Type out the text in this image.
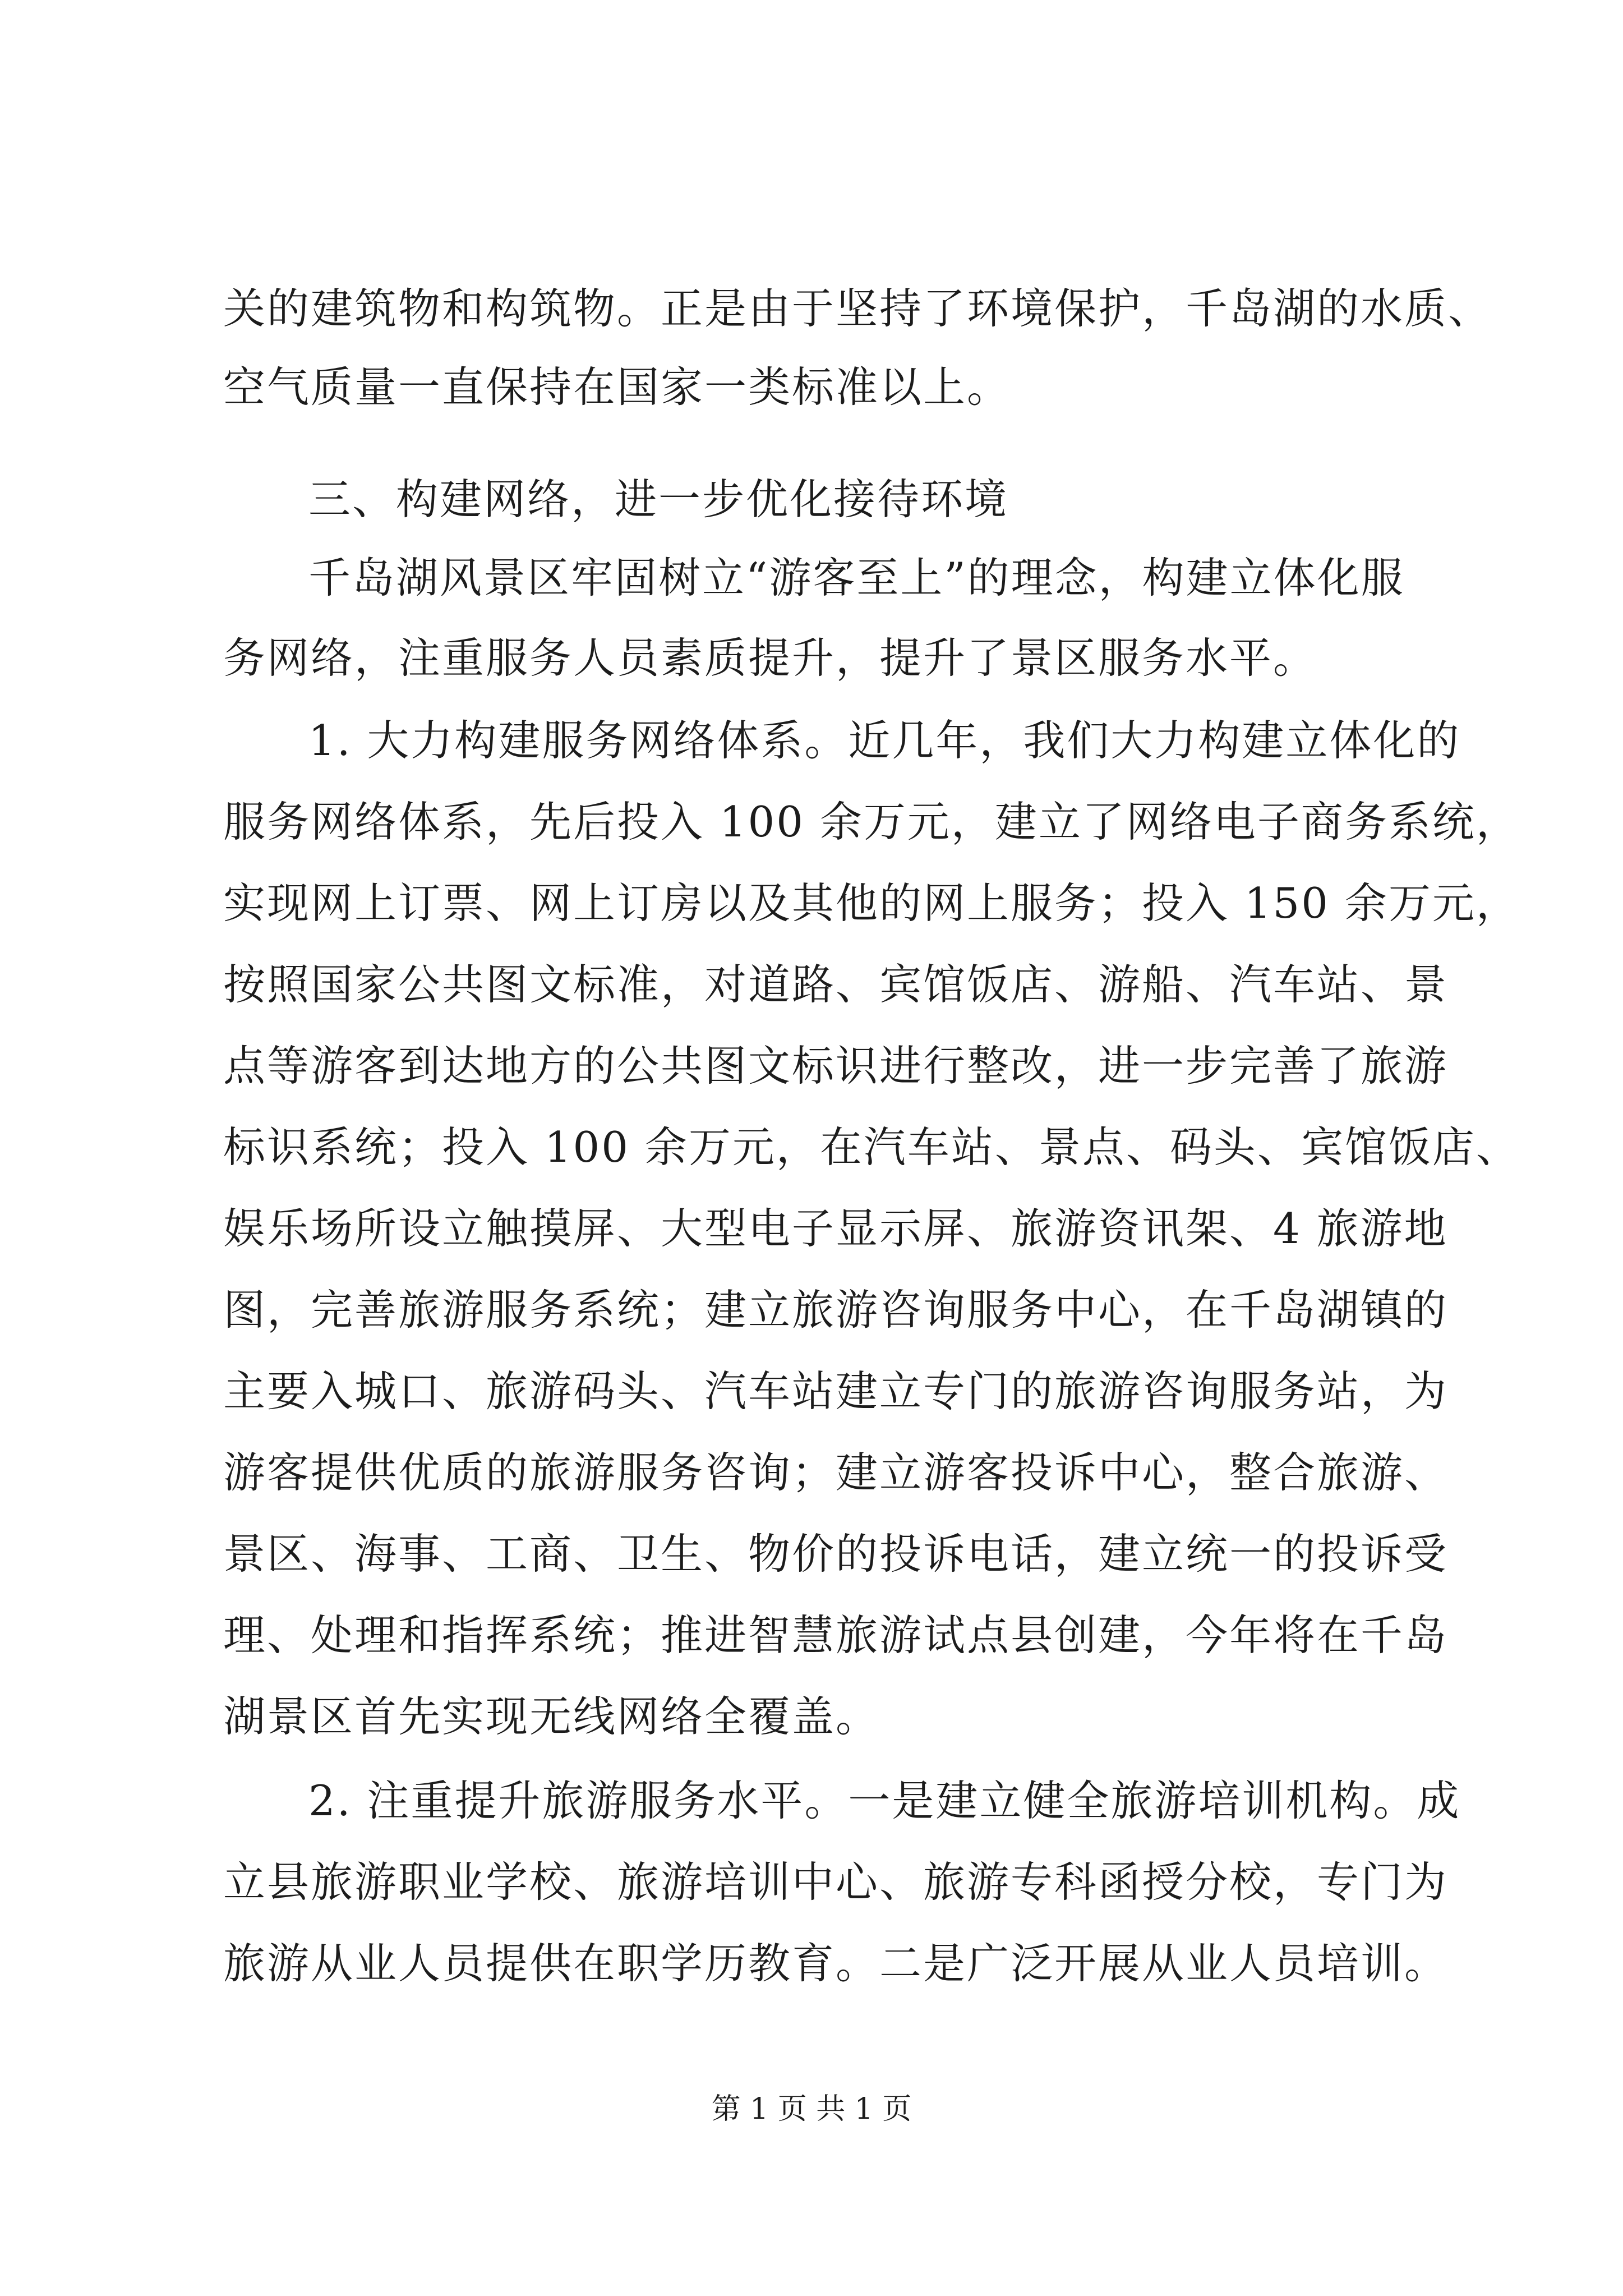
关的建筑物和构筑物。正是由于坚持了环境保护，千岛湖的水质、
空气质量一直保持在国家一类标准以上。
三、构建网络，进一步优化接待环境
千岛湖风景区牢固树立“游客至上”的理念，构建立体化服
务网络，注重服务人员素质提升，提升了景区服务水平。
1. 大力构建服务网络体系。近几年，我们大力构建立体化的
服务网络体系，先后投入 100 余万元，建立了网络电子商务系统，
实现网上订票、网上订房以及其他的网上服务；投入 150 余万元，
按照国家公共图文标准，对道路、宾馆饭店、游船、汽车站、景
点等游客到达地方的公共图文标识进行整改，进一步完善了旅游
标识系统；投入 100 余万元，在汽车站、景点、码头、宾馆饭店、
娱乐场所设立触摸屏、大型电子显示屏、旅游资讯架、4 旅游地
图，完善旅游服务系统；建立旅游咨询服务中心，在千岛湖镇的
主要入城口、旅游码头、汽车站建立专门的旅游咨询服务站，为
游客提供优质的旅游服务咨询；建立游客投诉中心，整合旅游、
景区、海事、工商、卫生、物价的投诉电话，建立统一的投诉受
理、处理和指挥系统；推进智慧旅游试点县创建，今年将在千岛
湖景区首先实现无线网络全覆盖。
2. 注重提升旅游服务水平。一是建立健全旅游培训机构。成
立县旅游职业学校、旅游培训中心、旅游专科函授分校，专门为
旅游从业人员提供在职学历教育。二是广泛开展从业人员培训。
第 1 页 共 1 页
